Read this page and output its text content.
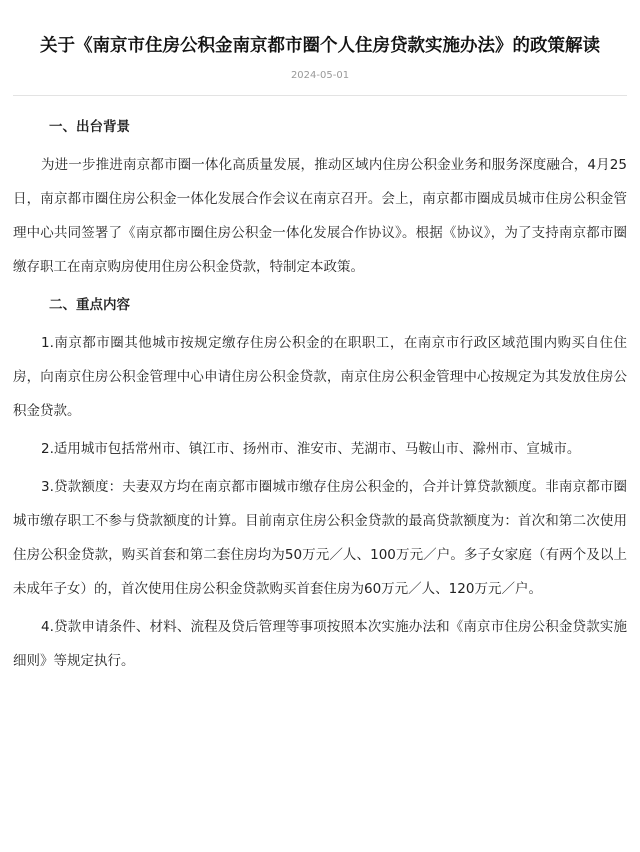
关于《南京市住房公积金南京都市圈个人住房贷款实施办法》的政策解读
2024-05-01
一、出台背景

为进一步推进南京都市圈一体化高质量发展，推动区域内住房公积金业务和服务深度融合，4月25日，南京都市圈住房公积金一体化发展合作会议在南京召开。会上，南京都市圈成员城市住房公积金管理中心共同签署了《南京都市圈住房公积金一体化发展合作协议》。根据《协议》，为了支持南京都市圈缴存职工在南京购房使用住房公积金贷款，特制定本政策。

二、重点内容

1.南京都市圈其他城市按规定缴存住房公积金的在职职工，在南京市行政区域范围内购买自住住房，向南京住房公积金管理中心申请住房公积金贷款，南京住房公积金管理中心按规定为其发放住房公积金贷款。

2.适用城市包括常州市、镇江市、扬州市、淮安市、芜湖市、马鞍山市、滁州市、宣城市。

3.贷款额度：夫妻双方均在南京都市圈城市缴存住房公积金的，合并计算贷款额度。非南京都市圈城市缴存职工不参与贷款额度的计算。目前南京住房公积金贷款的最高贷款额度为：首次和第二次使用住房公积金贷款，购买首套和第二套住房均为50万元／人、100万元／户。多子女家庭（有两个及以上未成年子女）的，首次使用住房公积金贷款购买首套住房为60万元／人、120万元／户。

4.贷款申请条件、材料、流程及贷后管理等事项按照本次实施办法和《南京市住房公积金贷款实施细则》等规定执行。
